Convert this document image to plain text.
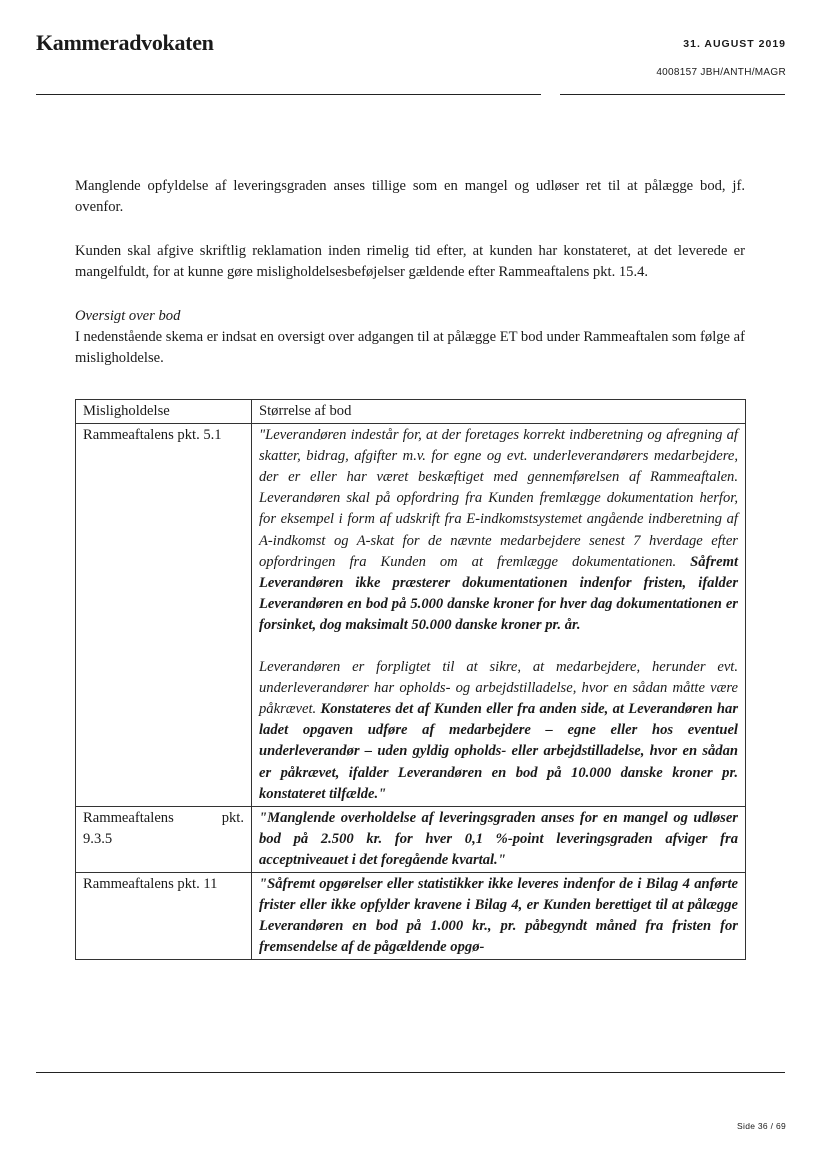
Kammeradvokaten	31. AUGUST 2019
4008157 JBH/ANTH/MAGR

Manglende opfyldelse af leveringsgraden anses tillige som en mangel og udløser ret til at pålægge bod, jf. ovenfor.

Kunden skal afgive skriftlig reklamation inden rimelig tid efter, at kunden har konstateret, at det leverede er mangelfuldt, for at kunne gøre misligholdelsesbeføjelser gældende efter Rammeaftalens pkt. 15.4.

Oversigt over bod

I nedenstående skema er indsat en oversigt over adgangen til at pålægge ET bod under Rammeaftalen som følge af misligholdelse.

Misligholdelse	Størrelse af bod
Rammeaftalens pkt. 5.1	"Leverandøren indestår for, at der foretages korrekt indberetning og afregning af skatter, bidrag, afgifter m.v. for egne og evt. underleverandørers medarbejdere, der er eller har været beskæftiget med gennemførelsen af Rammeaftalen. Leverandøren skal på opfordring fra Kunden fremlægge dokumentation herfor, for eksempel i form af udskrift fra E-indkomstsystemet angående indberetning af A-indkomst og A-skat for de nævnte medarbejdere senest 7 hverdage efter opfordringen fra Kunden om at fremlægge dokumentationen. Såfremt Leverandøren ikke præsterer dokumentationen indenfor fristen, ifalder Leverandøren en bod på 5.000 danske kroner for hver dag dokumentationen er forsinket, dog maksimalt 50.000 danske kroner pr. år.
Leverandøren er forpligtet til at sikre, at medarbejdere, herunder evt. underleverandører har opholds- og arbejdstilladelse, hvor en sådan måtte være påkrævet. Konstateres det af Kunden eller fra anden side, at Leverandøren har ladet opgaven udføre af medarbejdere – egne eller hos eventuel underleverandør – uden gyldig opholds- eller arbejdstilladelse, hvor en sådan er påkrævet, ifalder Leverandøren en bod på 10.000 danske kroner pr. konstateret tilfælde."

Rammeaftalens pkt.
9.3.5	"Manglende overholdelse af leveringsgraden anses for en mangel og udløser bod på 2.500 kr. for hver 0,1 %-point leveringsgraden afviger fra acceptniveauet i det foregående kvartal."
Rammeaftalens pkt. 11	"Såfremt opgørelser eller statistikker ikke leveres indenfor de i Bilag 4 anførte frister eller ikke opfylder kravene i Bilag 4, er Kunden berettiget til at pålægge Leverandøren en bod på 1.000 kr., pr. påbegyndt måned fra fristen for fremsendelse af de pågældende opgø-
Side 36 / 69
